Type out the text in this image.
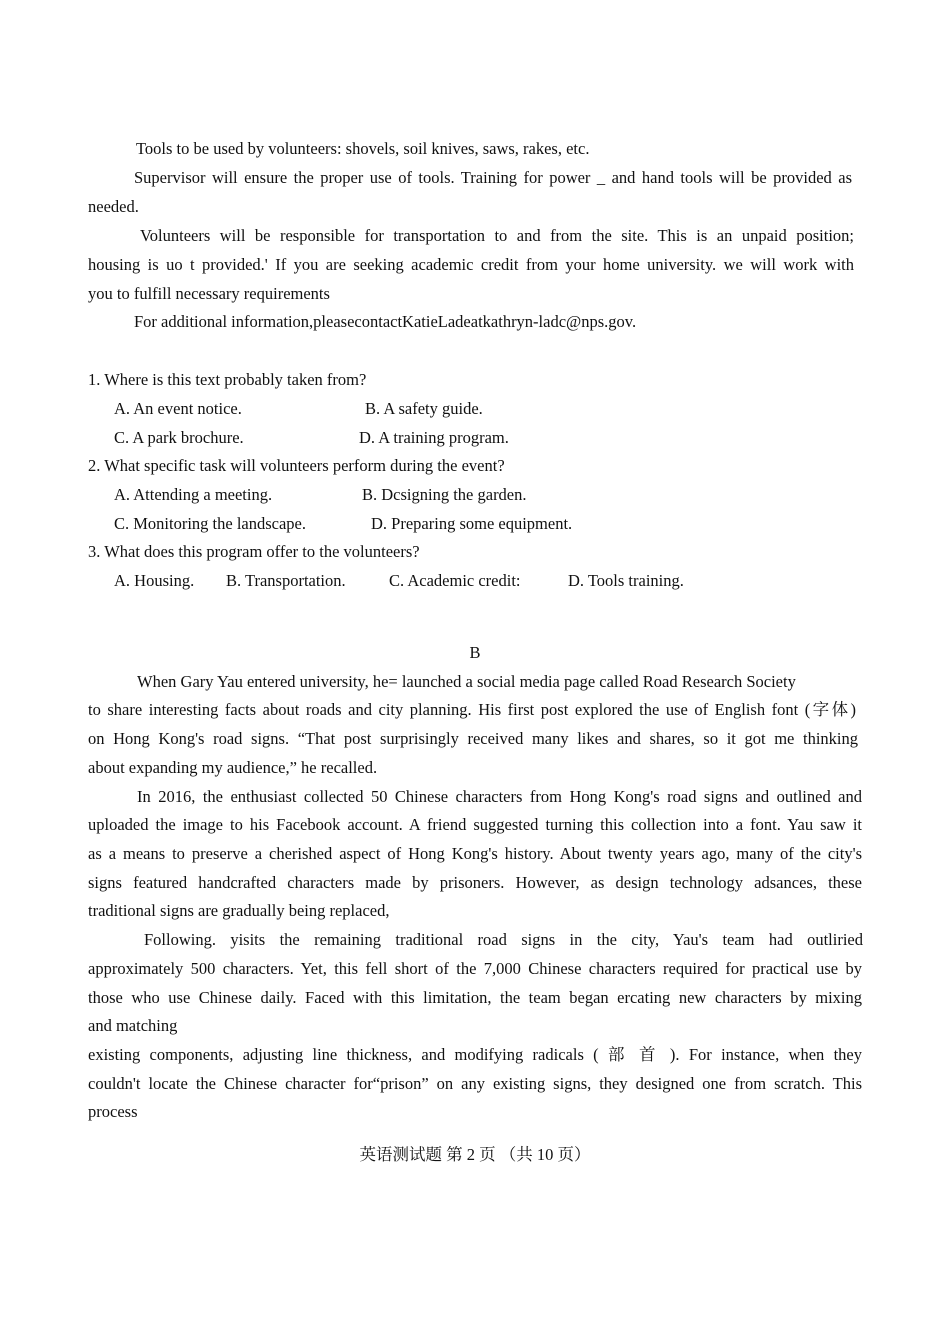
Tools to be used by volunteers: shovels, soil knives, saws, rakes, etc.
Supervisor will ensure the proper use of tools. Training for power _ and hand tools will be provided as
needed.
Volunteers will be responsible for transportation to and from the site. This is an unpaid position;
housing is uo t provided.' If you are seeking academic credit from your home university. we will work with
you to fulfill necessary requirements
For additional information,pleasecontactKatieLadeatkathryn-ladc@nps.gov.
1. Where is this text probably taken from?
A. An event notice.	B. A safety guide.
C. A park brochure.	D. A training program.
2. What specific task will volunteers perform during the event?
A. Attending a meeting.	B. Dcsigning the garden.
C. Monitoring the landscape.	D. Preparing some equipment.
3. What does this program offer to the volunteers?
A. Housing.	B. Transportation.	C. Academic credit:	D. Tools training.
B
When Gary Yau entered university, he= launched a social media page called Road Research Society
to share interesting facts about roads and city planning. His first post explored the use of English font (字体)
on Hong Kong's road signs. “That post surprisingly received many likes and shares, so it got me thinking
about expanding my audience,” he recalled.
In 2016, the enthusiast collected 50 Chinese characters from Hong Kong's road signs and outlined and
uploaded the image to his Facebook account. A friend suggested turning this collection into a font. Yau saw it
as a means to preserve a cherished aspect of Hong Kong's history. About twenty years ago, many of the city's
signs featured handcrafted characters made by prisoners. However, as design technology adsances, these
traditional signs are gradually being replaced,
Following. yisits the remaining traditional road signs in the city, Yau's team had outliried
approximately 500 characters. Yet, this fell short of the 7,000 Chinese characters required for practical use by
those who use Chinese daily. Faced with this limitation, the team began ercating new characters by mixing
and matching
existing components, adjusting line thickness, and modifying radicals ( 部 首 ). For instance, when they
couldn't locate the Chinese character for“prison” on any existing signs, they designed one from scratch. This
process
英语测试题 第 2 页 （共 10 页）
